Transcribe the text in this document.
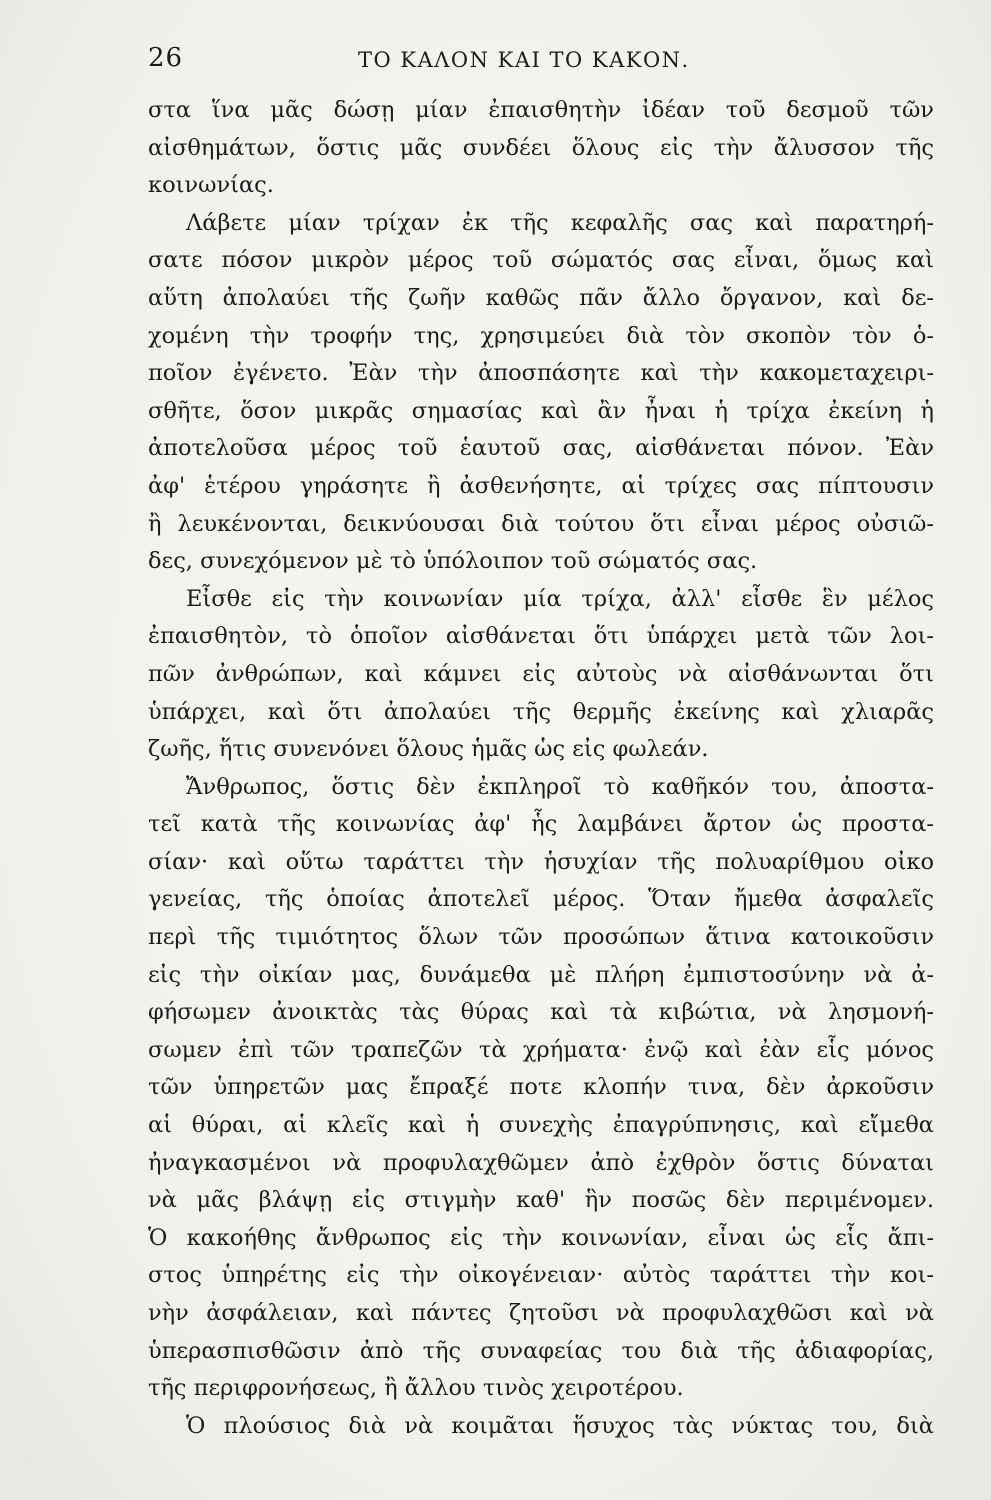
26	ΤΟ ΚΑΛΟΝ ΚΑΙ ΤΟ ΚΑΚΟΝ.
στα ἵνα μᾶς δώσῃ μίαν ἐπαισθητὴν ἰδέαν τοῦ δεσμοῦ τῶν
αἰσθημάτων, ὅστις μᾶς συνδέει ὅλους εἰς τὴν ἄλυσσον τῆς
κοινωνίας.
Λάβετε μίαν τρίχαν ἐκ τῆς κεφαλῆς σας καὶ παρατηρή-
σατε πόσον μικρὸν μέρος τοῦ σώματός σας εἶναι, ὅμως καὶ
αὕτη ἀπολαύει τῆς ζωῆν καθῶς πᾶν ἄλλο ὄργανον, καὶ δε-
χομένη τὴν τροφήν της, χρησιμεύει διὰ τὸν σκοπὸν τὸν ὁ-
ποῖον ἐγένετο. Ἐὰν τὴν ἀποσπάσητε καὶ τὴν κακομεταχειρι-
σθῆτε, ὅσον μικρᾶς σημασίας καὶ ἂν ἦναι ἡ τρίχα ἐκείνη ἡ
ἀποτελοῦσα μέρος τοῦ ἑαυτοῦ σας, αἰσθάνεται πόνον. Ἐὰν
ἀφ' ἑτέρου γηράσητε ἢ ἀσθενήσητε, αἱ τρίχες σας πίπτουσιν
ἢ λευκένονται, δεικνύουσαι διὰ τούτου ὅτι εἶναι μέρος οὐσιῶ-
δες, συνεχόμενον μὲ τὸ ὑπόλοιπον τοῦ σώματός σας.
Εἶσθε εἰς τὴν κοινωνίαν μία τρίχα, ἀλλ' εἶσθε ἓν μέλος
ἐπαισθητὸν, τὸ ὁποῖον αἰσθάνεται ὅτι ὑπάρχει μετὰ τῶν λοι-
πῶν ἀνθρώπων, καὶ κάμνει εἰς αὐτοὺς νὰ αἰσθάνωνται ὅτι
ὑπάρχει, καὶ ὅτι ἀπολαύει τῆς θερμῆς ἐκείνης καὶ χλιαρᾶς
ζωῆς, ἥτις συνενόνει ὅλους ἡμᾶς ὡς εἰς φωλεάν.
Ἄνθρωπος, ὅστις δὲν ἐκπληροῖ τὸ καθῆκόν του, ἀποστα-
τεῖ κατὰ τῆς κοινωνίας ἀφ' ἧς λαμβάνει ἄρτον ὡς προστα-
σίαν· καὶ οὕτω ταράττει τὴν ἡσυχίαν τῆς πολυαρίθμου οἰκο
γενείας, τῆς ὁποίας ἀποτελεῖ μέρος. Ὅταν ἤμεθα ἀσφαλεῖς
περὶ τῆς τιμιότητος ὅλων τῶν προσώπων ἅτινα κατοικοῦσιν
εἰς τὴν οἰκίαν μας, δυνάμεθα μὲ πλήρη ἐμπιστοσύνην νὰ ἀ-
φήσωμεν ἀνοικτὰς τὰς θύρας καὶ τὰ κιβώτια, νὰ λησμονή-
σωμεν ἐπὶ τῶν τραπεζῶν τὰ χρήματα· ἐνῷ καὶ ἐὰν εἷς μόνος
τῶν ὑπηρετῶν μας ἔπραξέ ποτε κλοπήν τινα, δὲν ἀρκοῦσιν
αἱ θύραι, αἱ κλεῖς καὶ ἡ συνεχὴς ἐπαγρύπνησις, καὶ εἴμεθα
ἠναγκασμένοι νὰ προφυλαχθῶμεν ἀπὸ ἐχθρὸν ὅστις δύναται
νὰ μᾶς βλάψῃ εἰς στιγμὴν καθ' ἣν ποσῶς δὲν περιμένομεν.
Ὁ κακοήθης ἄνθρωπος εἰς τὴν κοινωνίαν, εἶναι ὡς εἷς ἄπι-
στος ὑπηρέτης εἰς τὴν οἰκογένειαν· αὐτὸς ταράττει τὴν κοι-
νὴν ἀσφάλειαν, καὶ πάντες ζητοῦσι νὰ προφυλαχθῶσι καὶ νὰ
ὑπερασπισθῶσιν ἀπὸ τῆς συναφείας του διὰ τῆς ἀδιαφορίας,
τῆς περιφρονήσεως, ἢ ἄλλου τινὸς χειροτέρου.
Ὁ πλούσιος διὰ νὰ κοιμᾶται ἥσυχος τὰς νύκτας του, διὰ
